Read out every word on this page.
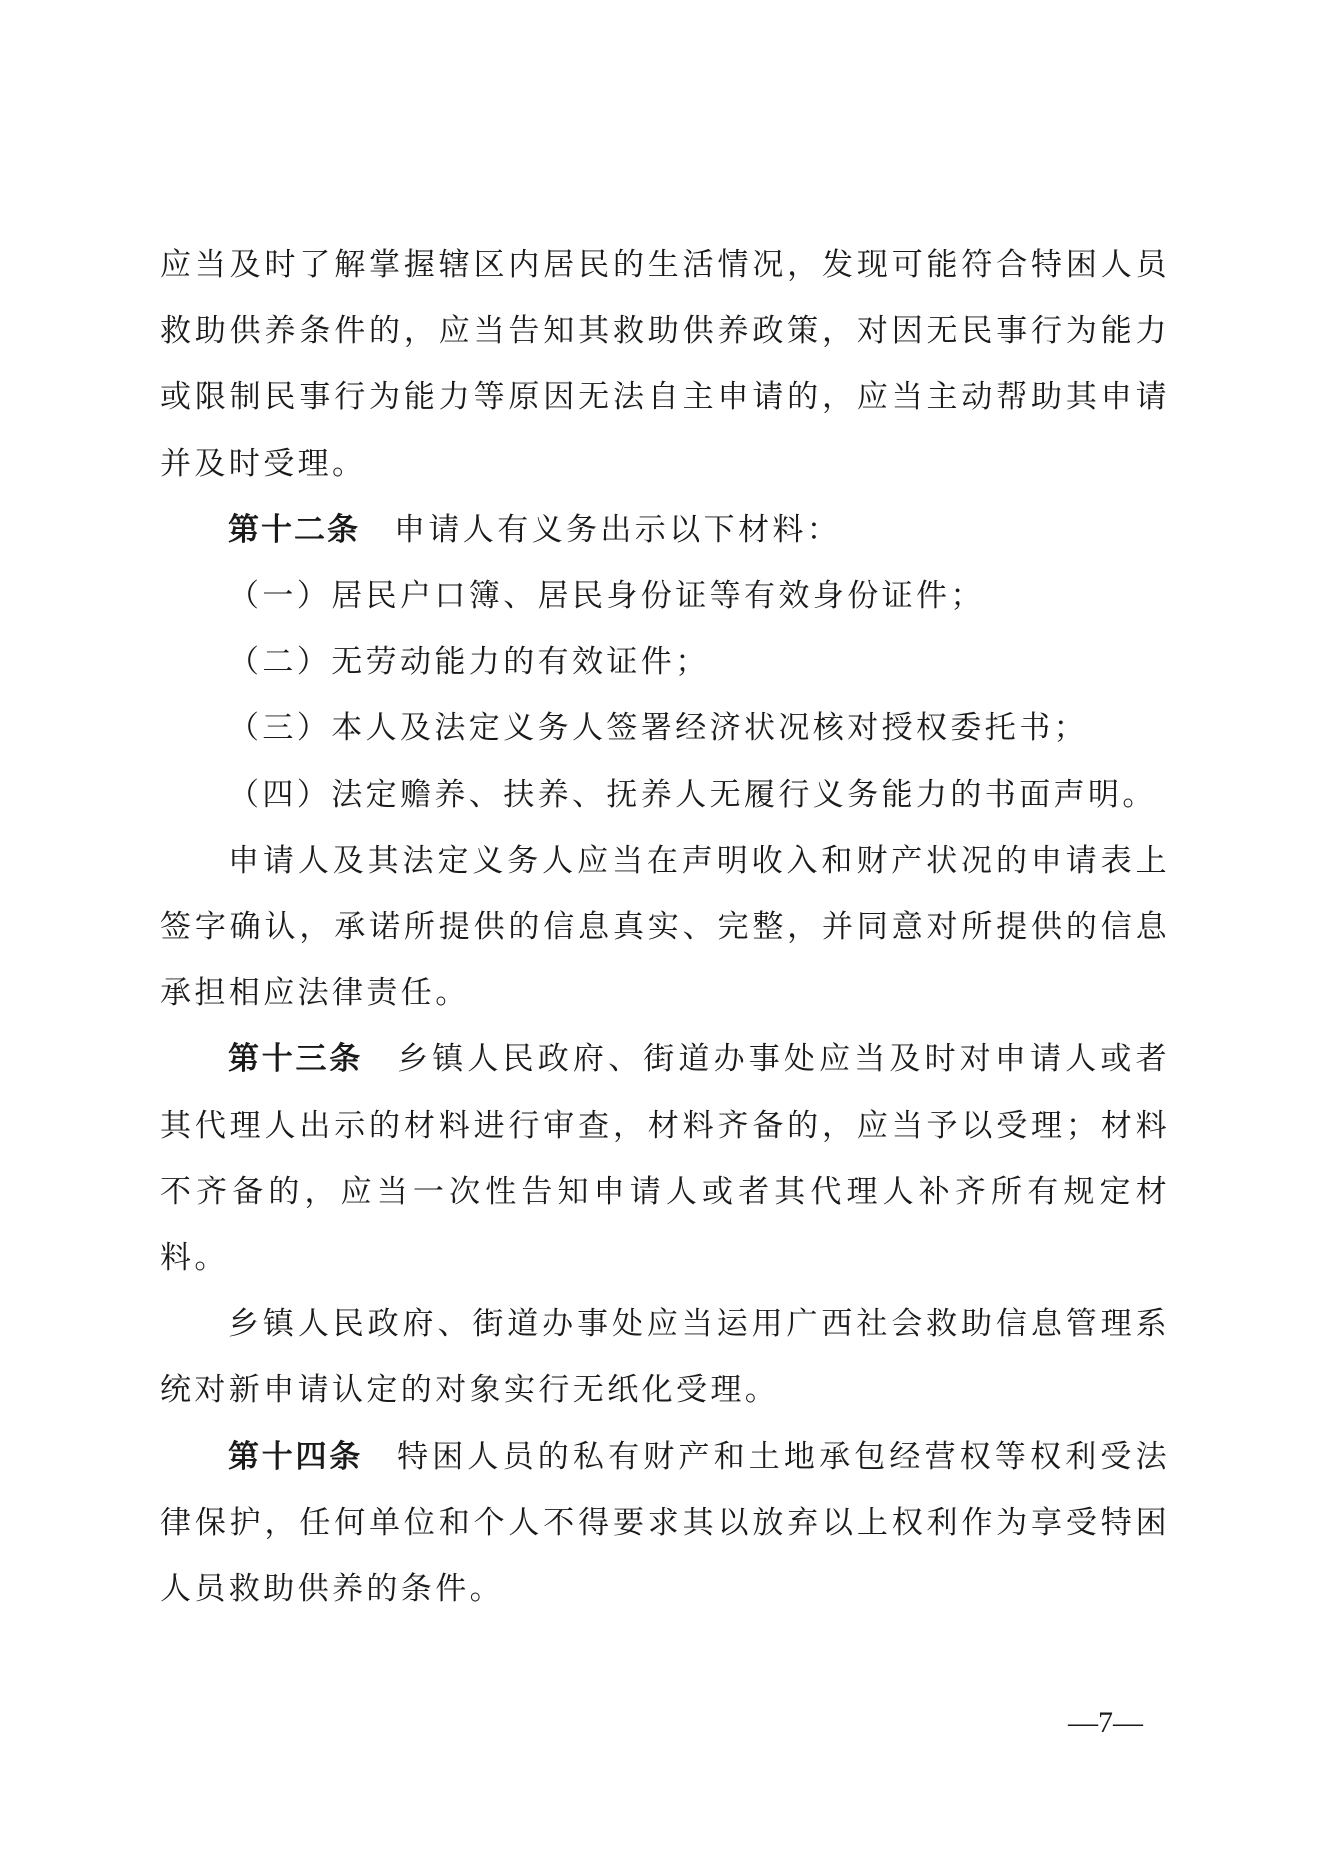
应当及时了解掌握辖区内居民的生活情况，发现可能符合特困人员救助供养条件的，应当告知其救助供养政策，对因无民事行为能力或限制民事行为能力等原因无法自主申请的，应当主动帮助其申请并及时受理。

第十二条 申请人有义务出示以下材料：

（一）居民户口簿、居民身份证等有效身份证件；

（二）无劳动能力的有效证件；

（三）本人及法定义务人签署经济状况核对授权委托书；

（四）法定赡养、扶养、抚养人无履行义务能力的书面声明。

申请人及其法定义务人应当在声明收入和财产状况的申请表上签字确认，承诺所提供的信息真实、完整，并同意对所提供的信息承担相应法律责任。

第十三条 乡镇人民政府、街道办事处应当及时对申请人或者其代理人出示的材料进行审查，材料齐备的，应当予以受理；材料不齐备的，应当一次性告知申请人或者其代理人补齐所有规定材料。

乡镇人民政府、街道办事处应当运用广西社会救助信息管理系统对新申请认定的对象实行无纸化受理。

第十四条 特困人员的私有财产和土地承包经营权等权利受法律保护，任何单位和个人不得要求其以放弃以上权利作为享受特困人员救助供养的条件。

—7—
